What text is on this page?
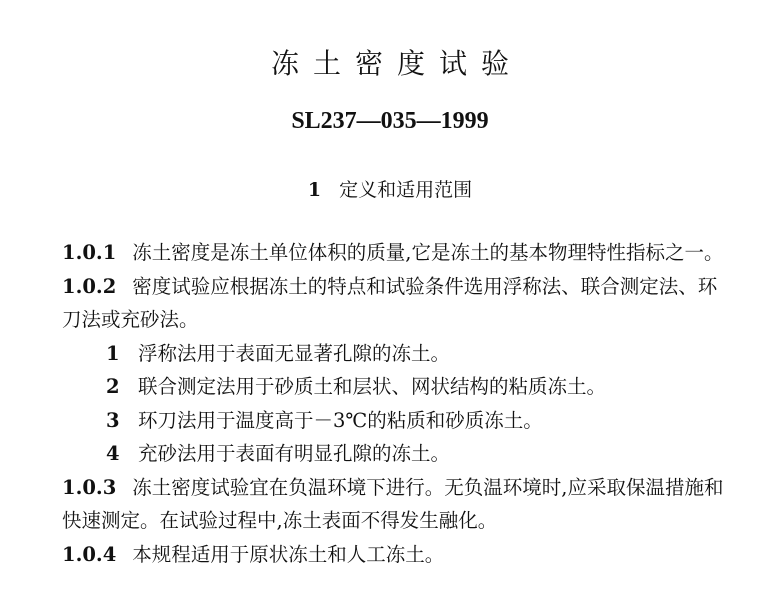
冻土密度试验
SL237—035—1999
1 定义和适用范围

1.0.1 冻土密度是冻土单位体积的质量,它是冻土的基本物理特性指标之一。

1.0.2 密度试验应根据冻土的特点和试验条件选用浮称法、联合测定法、环刀法或充砂法。

1 浮称法用于表面无显著孔隙的冻土。

2 联合测定法用于砂质土和层状、网状结构的粘质冻土。

3 环刀法用于温度高于－3℃的粘质和砂质冻土。

4 充砂法用于表面有明显孔隙的冻土。

1.0.3 冻土密度试验宜在负温环境下进行。无负温环境时,应采取保温措施和快速测定。在试验过程中,冻土表面不得发生融化。

1.0.4 本规程适用于原状冻土和人工冻土。
